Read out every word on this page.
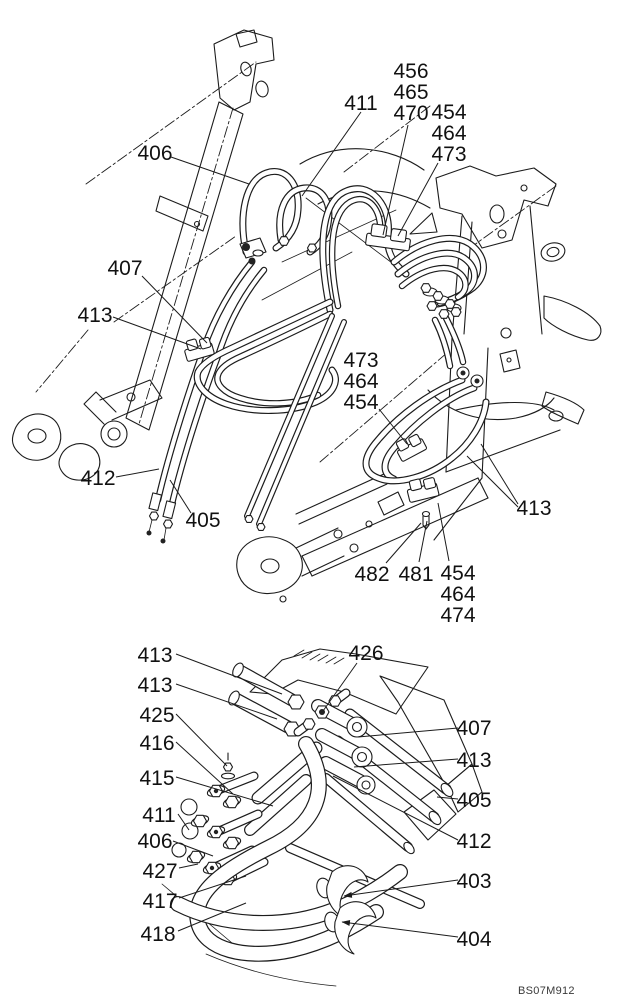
456
465
470 454
464
473
411
406
407
413
473
464
454
412
405
413
482 481 454
464
474
413
413
425
416
415
411
406
427
417
418
426
407
413
405
412
403
404
BS07M912
